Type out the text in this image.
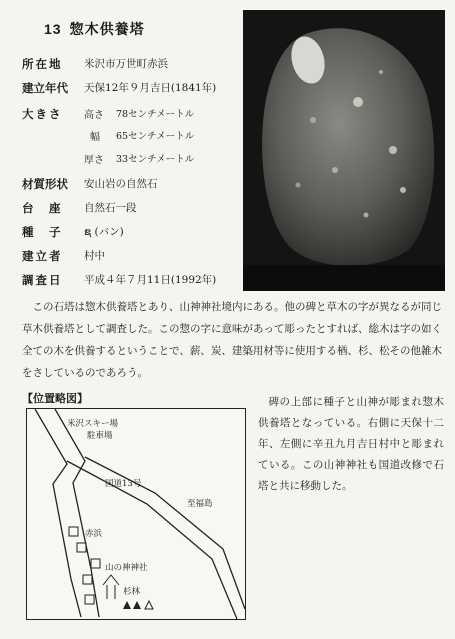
13 惣木供養塔
所在地 米沢市万世町赤浜
建立年代 天保12年９月吉日(1841年)
大きさ 高さ 78センチメートル
幅 65センチメートル
厚さ 33センチメートル
材質形状 安山岩の自然石
台　座 自然石一段
種　子 ຊ (バン)
建立者 村中
調査日 平成４年７月11日(1992年)

この石塔は惣木供養塔とあり、山神神社境内にある。他の碑と草木の字が異なるが同じ草木供養塔として調査した。この惣の字に意味があって彫ったとすれば、総木は字の如く全ての木を供養するということで、薪、炭、建築用材等に使用する楢、杉、松その他雑木をさしているのであろう。

【位置略図】
米沢スキー場
駐車場
国道13号
至福島
赤浜
山の神神社
杉林

碑の上部に種子と山神が彫まれ惣木供養塔となっている。右側に天保十二年、左側に辛丑九月吉日村中と彫まれている。この山神神社も国道改修で石塔と共に移動した。
